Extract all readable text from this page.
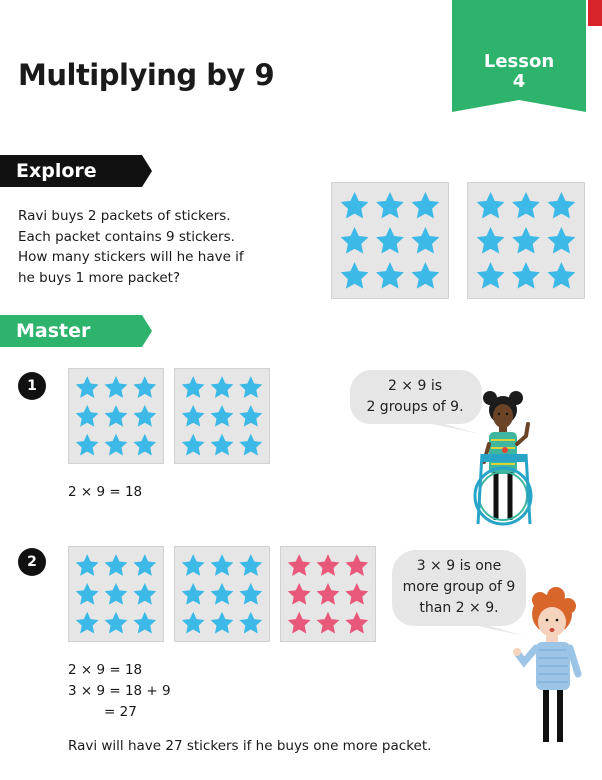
Multiplying by 9	Lesson
4
Explore
Ravi buys 2 packets of stickers.
Each packet contains 9 stickers.
How many stickers will he have if
he buys 1 more packet?
Master
1
2 × 9 = 18
2 × 9 is
2 groups of 9.
2
2 × 9 = 18
3 × 9 = 18 + 9
= 27
Ravi will have 27 stickers if he buys one more packet.
3 × 9 is one
more group of 9
than 2 × 9.
